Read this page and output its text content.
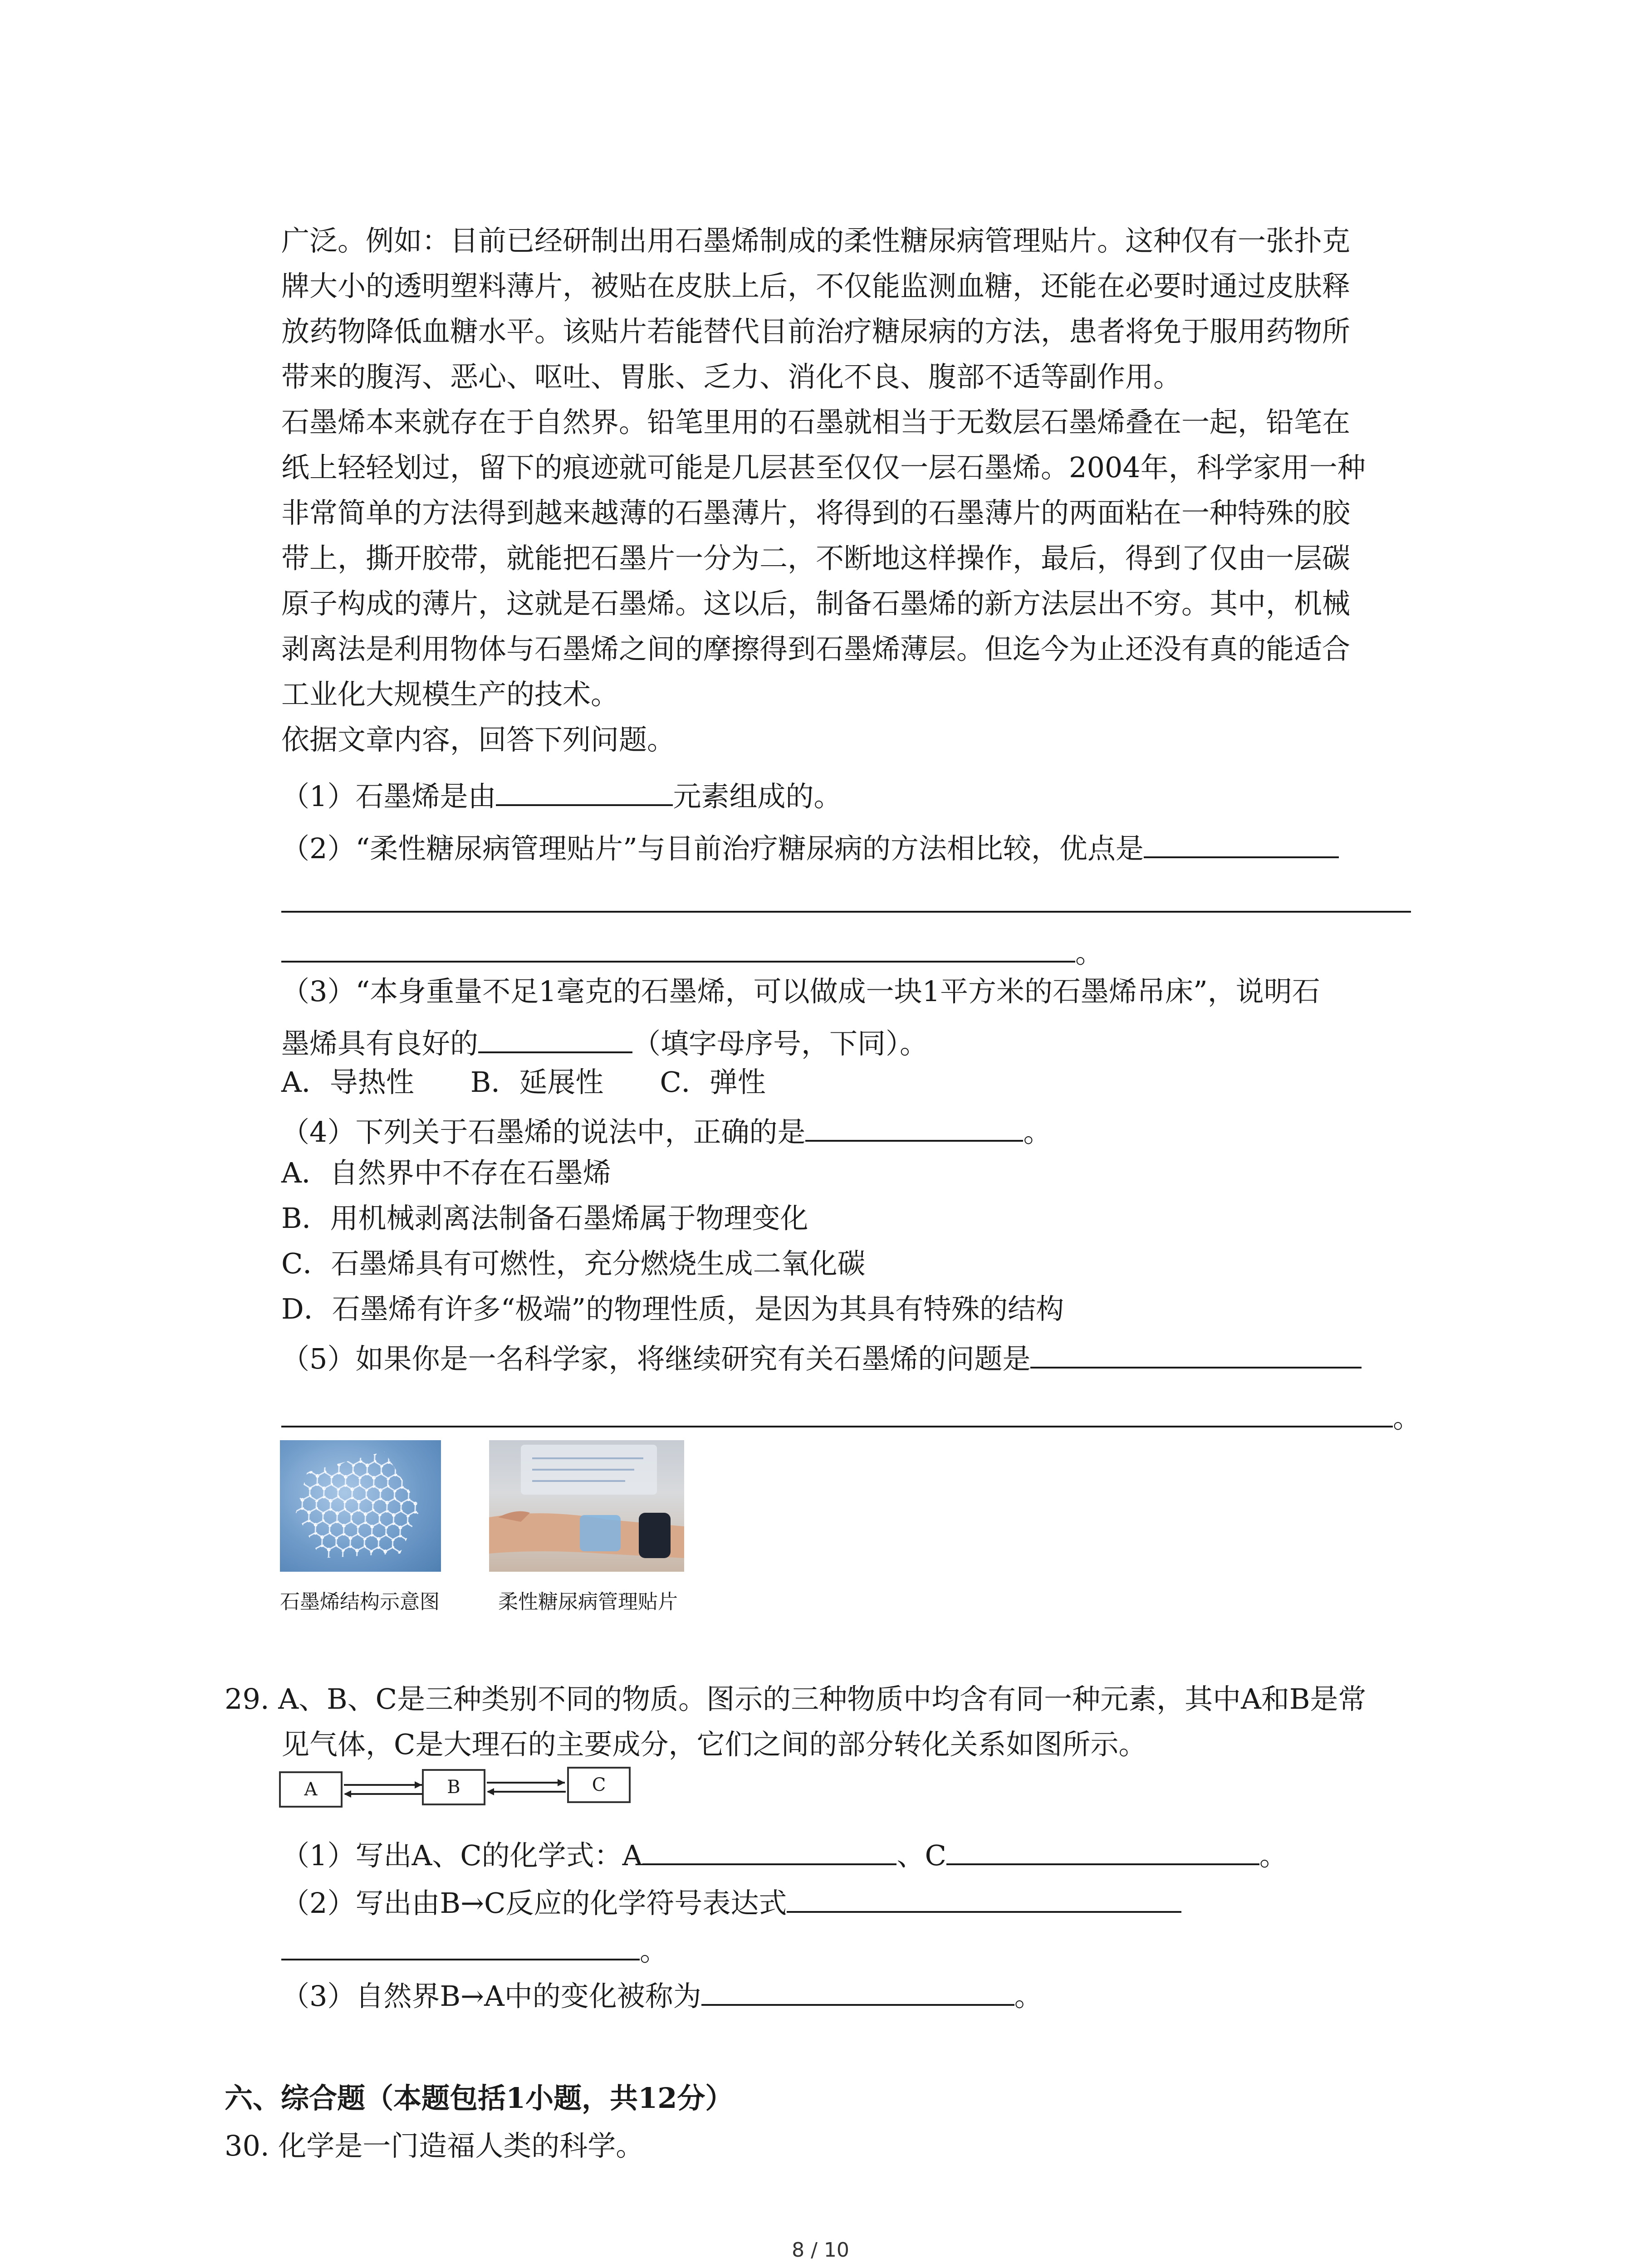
广泛。例如：目前已经研制出用石墨烯制成的柔性糖尿病管理贴片。这种仅有一张扑克
牌大小的透明塑料薄片，被贴在皮肤上后，不仅能监测血糖，还能在必要时通过皮肤释
放药物降低血糖水平。该贴片若能替代目前治疗糖尿病的方法，患者将免于服用药物所
带来的腹泻、恶心、呕吐、胃胀、乏力、消化不良、腹部不适等副作用。
石墨烯本来就存在于自然界。铅笔里用的石墨就相当于无数层石墨烯叠在一起，铅笔在
纸上轻轻划过，留下的痕迹就可能是几层甚至仅仅一层石墨烯。2004年，科学家用一种
非常简单的方法得到越来越薄的石墨薄片，将得到的石墨薄片的两面粘在一种特殊的胶
带上，撕开胶带，就能把石墨片一分为二，不断地这样操作，最后，得到了仅由一层碳
原子构成的薄片，这就是石墨烯。这以后，制备石墨烯的新方法层出不穷。其中，机械
剥离法是利用物体与石墨烯之间的摩擦得到石墨烯薄层。但迄今为止还没有真的能适合
工业化大规模生产的技术。
依据文章内容，回答下列问题。
（1）石墨烯是由	元素组成的。
（2）“柔性糖尿病管理贴片”与目前治疗糖尿病的方法相比较，优点是
。
（3）“本身重量不足1毫克的石墨烯，可以做成一块1平方米的石墨烯吊床”，说明石
墨烯具有良好的	（填字母序号，下同）。
A．导热性　　B．延展性　　C．弹性
（4）下列关于石墨烯的说法中，正确的是	。
A．自然界中不存在石墨烯
B．用机械剥离法制备石墨烯属于物理变化
C．石墨烯具有可燃性，充分燃烧生成二氧化碳
D．石墨烯有许多“极端”的物理性质，是因为其具有特殊的结构
（5）如果你是一名科学家，将继续研究有关石墨烯的问题是
。
石墨烯结构示意图	柔性糖尿病管理贴片
29. A、B、C是三种类别不同的物质。图示的三种物质中均含有同一种元素，其中A和B是常
见气体，C是大理石的主要成分，它们之间的部分转化关系如图所示。
A	B	C
（1）写出A、C的化学式：A	、C	。
（2）写出由B→C反应的化学符号表达式
。
（3）自然界B→A中的变化被称为	。
六、综合题（本题包括1小题，共12分）
30. 化学是一门造福人类的科学。
8 / 10
